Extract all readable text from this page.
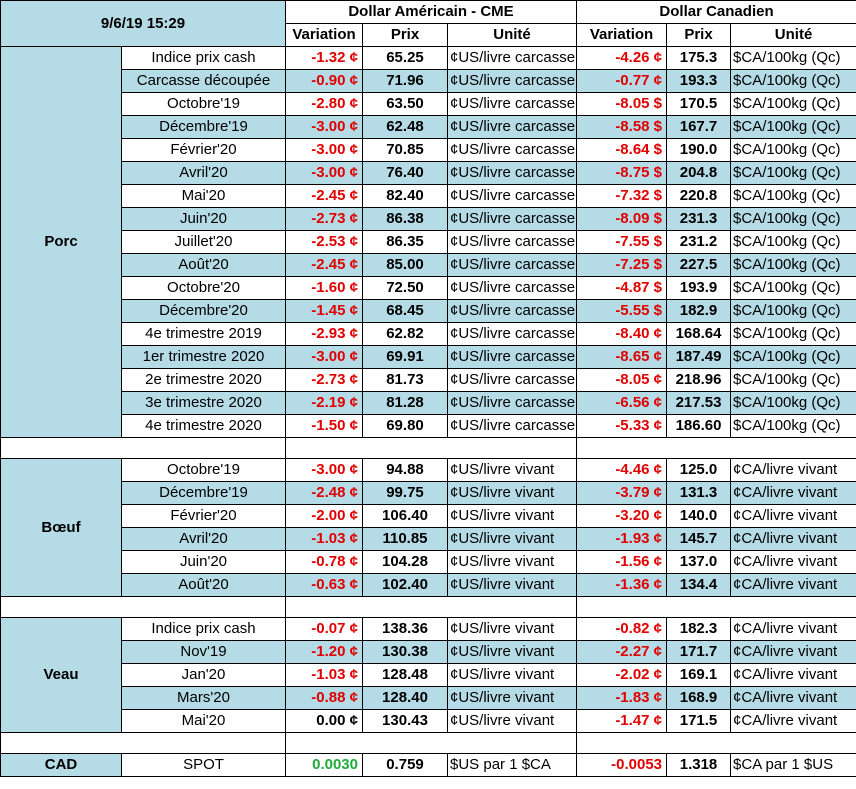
9/6/19 15:29		Dollar Américain - CME			Dollar Canadien		
		Variation	Prix	Unité	Variation	Prix	Unité
Porc	Indice prix cash	-1.32 ¢	65.25	¢US/livre carcasse	-4.26 ¢	175.3	$CA/100kg (Qc)
	Carcasse découpée	-0.90 ¢	71.96	¢US/livre carcasse	-0.77 ¢	193.3	$CA/100kg (Qc)
	Octobre'19	-2.80 ¢	63.50	¢US/livre carcasse	-8.05 $	170.5	$CA/100kg (Qc)
	Décembre'19	-3.00 ¢	62.48	¢US/livre carcasse	-8.58 $	167.7	$CA/100kg (Qc)
	Février'20	-3.00 ¢	70.85	¢US/livre carcasse	-8.64 $	190.0	$CA/100kg (Qc)
	Avril'20	-3.00 ¢	76.40	¢US/livre carcasse	-8.75 $	204.8	$CA/100kg (Qc)
	Mai'20	-2.45 ¢	82.40	¢US/livre carcasse	-7.32 $	220.8	$CA/100kg (Qc)
	Juin'20	-2.73 ¢	86.38	¢US/livre carcasse	-8.09 $	231.3	$CA/100kg (Qc)
	Juillet'20	-2.53 ¢	86.35	¢US/livre carcasse	-7.55 $	231.2	$CA/100kg (Qc)
	Août'20	-2.45 ¢	85.00	¢US/livre carcasse	-7.25 $	227.5	$CA/100kg (Qc)
	Octobre'20	-1.60 ¢	72.50	¢US/livre carcasse	-4.87 $	193.9	$CA/100kg (Qc)
	Décembre'20	-1.45 ¢	68.45	¢US/livre carcasse	-5.55 $	182.9	$CA/100kg (Qc)
	4e trimestre 2019	-2.93 ¢	62.82	¢US/livre carcasse	-8.40 ¢	168.64	$CA/100kg (Qc)
	1er trimestre 2020	-3.00 ¢	69.91	¢US/livre carcasse	-8.65 ¢	187.49	$CA/100kg (Qc)
	2e trimestre 2020	-2.73 ¢	81.73	¢US/livre carcasse	-8.05 ¢	218.96	$CA/100kg (Qc)
	3e trimestre 2020	-2.19 ¢	81.28	¢US/livre carcasse	-6.56 ¢	217.53	$CA/100kg (Qc)
	4e trimestre 2020	-1.50 ¢	69.80	¢US/livre carcasse	-5.33 ¢	186.60	$CA/100kg (Qc)

Bœuf	Octobre'19	-3.00 ¢	94.88	¢US/livre vivant	-4.46 ¢	125.0	¢CA/livre vivant
	Décembre'19	-2.48 ¢	99.75	¢US/livre vivant	-3.79 ¢	131.3	¢CA/livre vivant
	Février'20	-2.00 ¢	106.40	¢US/livre vivant	-3.20 ¢	140.0	¢CA/livre vivant
	Avril'20	-1.03 ¢	110.85	¢US/livre vivant	-1.93 ¢	145.7	¢CA/livre vivant
	Juin'20	-0.78 ¢	104.28	¢US/livre vivant	-1.56 ¢	137.0	¢CA/livre vivant
	Août'20	-0.63 ¢	102.40	¢US/livre vivant	-1.36 ¢	134.4	¢CA/livre vivant

Veau	Indice prix cash	-0.07 ¢	138.36	¢US/livre vivant	-0.82 ¢	182.3	¢CA/livre vivant
	Nov'19	-1.20 ¢	130.38	¢US/livre vivant	-2.27 ¢	171.7	¢CA/livre vivant
	Jan'20	-1.03 ¢	128.48	¢US/livre vivant	-2.02 ¢	169.1	¢CA/livre vivant
	Mars'20	-0.88 ¢	128.40	¢US/livre vivant	-1.83 ¢	168.9	¢CA/livre vivant
	Mai'20	0.00 ¢	130.43	¢US/livre vivant	-1.47 ¢	171.5	¢CA/livre vivant

CAD	SPOT	0.0030	0.759	$US par 1 $CA	-0.0053	1.318	$CA par 1 $US
